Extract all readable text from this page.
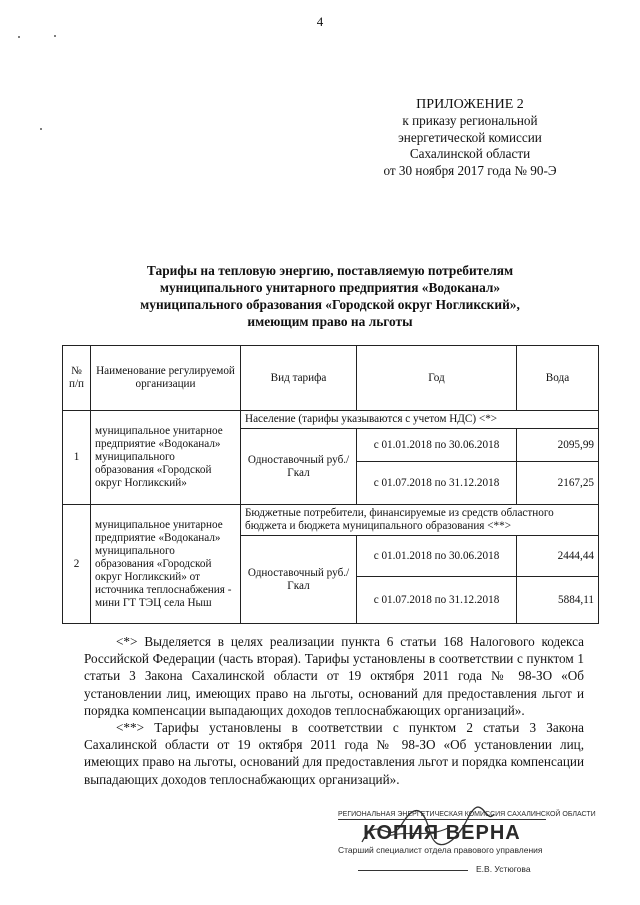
4
ПРИЛОЖЕНИЕ 2
к приказу региональной
энергетической комиссии
Сахалинской области
от 30 ноября 2017 года № 90-Э
Тарифы на тепловую энергию, поставляемую потребителям
муниципального унитарного предприятия «Водоканал»
муниципального образования «Городской округ Ногликский»,
имеющим право на льготы
№ п/п	Наименование регулируемой организации	Вид тарифа	Год	Вода
1	муниципальное унитарное предприятие «Водоканал» муниципального образования «Городской округ Ногликский»	Население (тарифы указываются с учетом НДС) <*>		
		Одноставочный руб./Гкал	с 01.01.2018 по 30.06.2018	2095,99
			с 01.07.2018 по 31.12.2018	2167,25
2	муниципальное унитарное предприятие «Водоканал» муниципального образования «Городской округ Ногликский» от источника теплоснабжения - мини ГТ ТЭЦ села Ныш	Бюджетные потребители, финансируемые из средств областного бюджета и бюджета муниципального образования <**>		
		Одноставочный руб./Гкал	с 01.01.2018 по 30.06.2018	2444,44
			с 01.07.2018 по 31.12.2018	5884,11

<*> Выделяется в целях реализации пункта 6 статьи 168 Налогового кодекса Российской Федерации (часть вторая). Тарифы установлены в соответствии с пунктом 1 статьи 3 Закона Сахалинской области от 19 октября 2011 года № 98-ЗО «Об установлении лиц, имеющих право на льготы, оснований для предоставления льгот и порядка компенсации выпадающих доходов теплоснабжающих организаций».

<**> Тарифы установлены в соответствии с пунктом 2 статьи 3 Закона Сахалинской области от 19 октября 2011 года № 98-ЗО «Об установлении лиц, имеющих право на льготы, оснований для предоставления льгот и порядка компенсации выпадающих доходов теплоснабжающих организаций».

РЕГИОНАЛЬНАЯ ЭНЕРГЕТИЧЕСКАЯ КОМИССИЯ САХАЛИНСКОЙ ОБЛАСТИ
КОПИЯ ВЕРНА
Старший специалист отдела правового управления
Е.В. Устюгова
